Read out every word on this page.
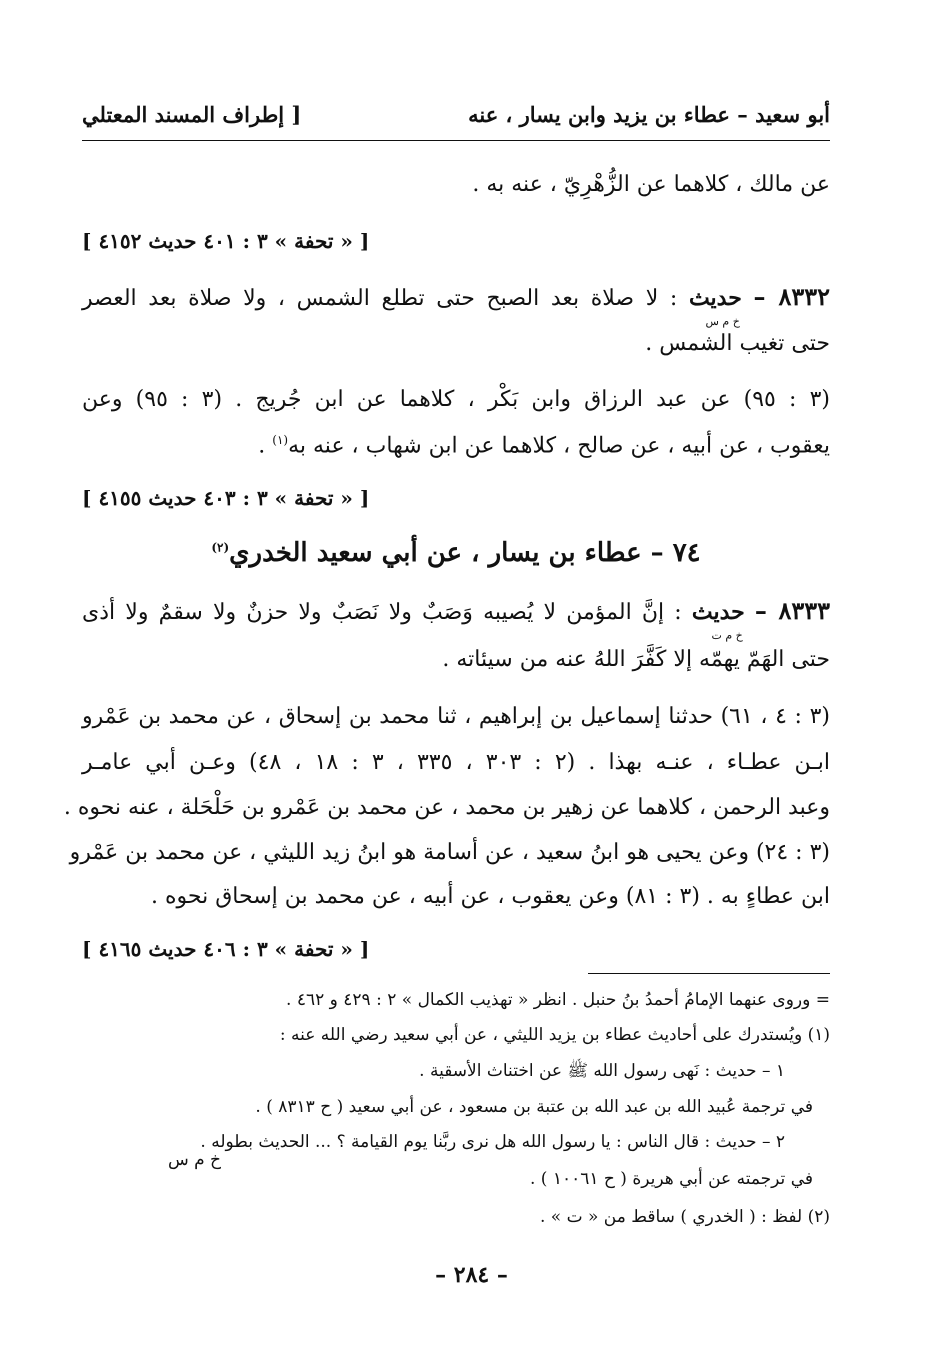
أبو سعيد – عطاء بن يزيد وابن يسار ، عنه
[ إطراف المسند المعتلي
عن مالك ، كلاهما عن الزُّهْرِيّ ، عنه به .
[ « تحفة » ٣ : ٤٠١ حديث ٤١٥٢ ]
٨٣٣٢ – حديث
خ م س
: لا صلاة بعد الصبح حتى تطلع الشمس ، ولا صلاة بعد العصر
حتى تغيب الشمس .
(٣ : ٩٥) عن عبد الرزاق وابن بَكْر ، كلاهما عن ابن جُريج . (٣ : ٩٥) وعن
يعقوب ، عن أبيه ، عن صالح ، كلاهما عن ابن شهاب ، عنه به$^{(١)}$ .
[ « تحفة » ٣ : ٤٠٣ حديث ٤١٥٥ ]
٧٤ – عطاء بن يسار ، عن أبي سعيد الخدري$^{(٢)}$
٨٣٣٣ – حديث
خ م ت
: إنَّ المؤمن لا يُصيبه وَصَبٌ ولا نَصَبٌ ولا حزنٌ ولا سقمٌ ولا أذى
حتى الهَمّ يهمّه إلا كَفَّرَ اللهُ عنه من سيئاته .
(٣ : ٤ ، ٦١) حدثنا إسماعيل بن إبراهيم ، ثنا محمد بن إسحاق ، عن محمد بن عَمْرو
ابـن عطـاء ، عنـه بهذا . (٢ : ٣٠٣ ، ٣٣٥ ، ٣ : ١٨ ، ٤٨) وعـن أبي عامـر
وعبد الرحمن ، كلاهما عن زهير بن محمد ، عن محمد بن عَمْرو بن حَلْحَلة ، عنه نحوه .
(٣ : ٢٤) وعن يحيى هو ابنُ سعيد ، عن أسامة هو ابنُ زيد الليثي ، عن محمد بن عَمْرو
ابن عطاءٍ به . (٣ : ٨١) وعن يعقوب ، عن أبيه ، عن محمد بن إسحاق نحوه .
[ « تحفة » ٣ : ٤٠٦ حديث ٤١٦٥ ]
= وروى عنهما الإمامُ أحمدُ بنُ حنبل . انظر « تهذيب الكمال » ٢ : ٤٢٩ و ٤٦٢ .
(١) ويُستدرك على أحاديث عطاء بن يزيد الليثي ، عن أبي سعيد رضي الله عنه :
١ – حديث : نَهى رسول الله ﷺ عن اختناث الأسقية .
في ترجمة عُبيد الله بن عبد الله بن عتبة بن مسعود ، عن أبي سعيد ( ح ٨٣١٣ ) .
٢ – حديث : قال الناس : يا رسول الله هل نرى ربَّنا يوم القيامة ؟ ... الحديث بطوله .
خ م س
في ترجمته عن أبي هريرة ( ح ١٠٠٦١ ) .
(٢) لفظ : ( الخدري ) ساقط من « ت » .
– ٢٨٤ –
